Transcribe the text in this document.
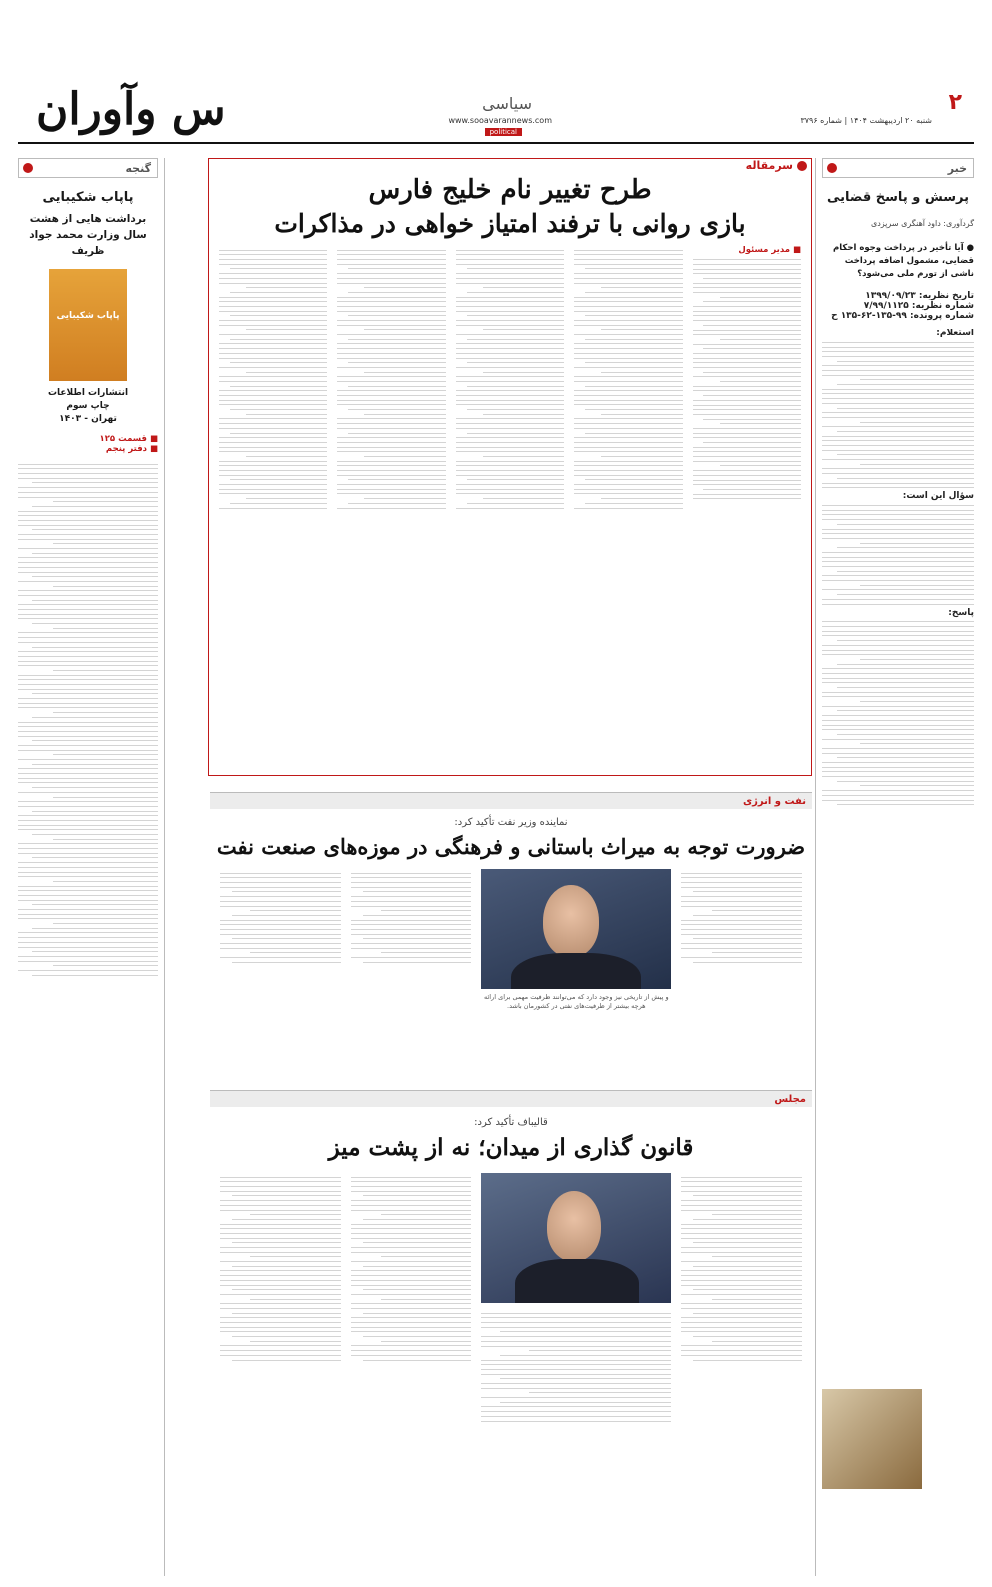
ﺱ ﻭﺁﻭﺭﺍﻥ	۲
شنبه ۲۰ اردیبهشت ۱۴۰۴ | شماره ۳۷۹۶
سیاسی
www.sooavarannews.com
political
خبر
پرسش و پاسخ قضایی
گردآوری: داود آهنگری سرپزدی
● آیا تأخیر در پرداخت وجوه احکام قضایی، مشمول اضافه پرداخت ناشی از تورم ملی می‌شود؟
تاریخ نظریه: ۱۳۹۹/۰۹/۲۳
شماره نظریه: ۷/۹۹/۱۱۲۵
شماره پرونده: ۹۹-۱۳۵-۶۲-۱۳۵ ح
استعلام:
سؤال این است:
پاسخ:
گنجه
پاپاب شکیبایی
برداشت هایی از هشت سال وزارت محمد جواد ظریف
پاپاب شکیبایی
انتشارات اطلاعات
چاپ سوم
تهران - ۱۴۰۳
■ قسمت ۱۲۵
■ دفتر پنجم
سرمقاله
طرح تغییر نام خلیج فارس
بازی روانی با ترفند امتیاز خواهی در مذاکرات
■ مدیر مسئول
نفت و انرژی
نماینده وزیر نفت تأکید کرد:
ضرورت توجه به میراث باستانی و فرهنگی در موزه‌های صنعت نفت
و پیش از تاریخی نیز وجود دارد که می‌توانند ظرفیت مهمی برای ارائه هرچه بیشتر از ظرفیت‌های نفتی در کشورمان باشد.
مجلس
قالیباف تأکید کرد:
قانون گذاری از میدان؛ نه از پشت میز
